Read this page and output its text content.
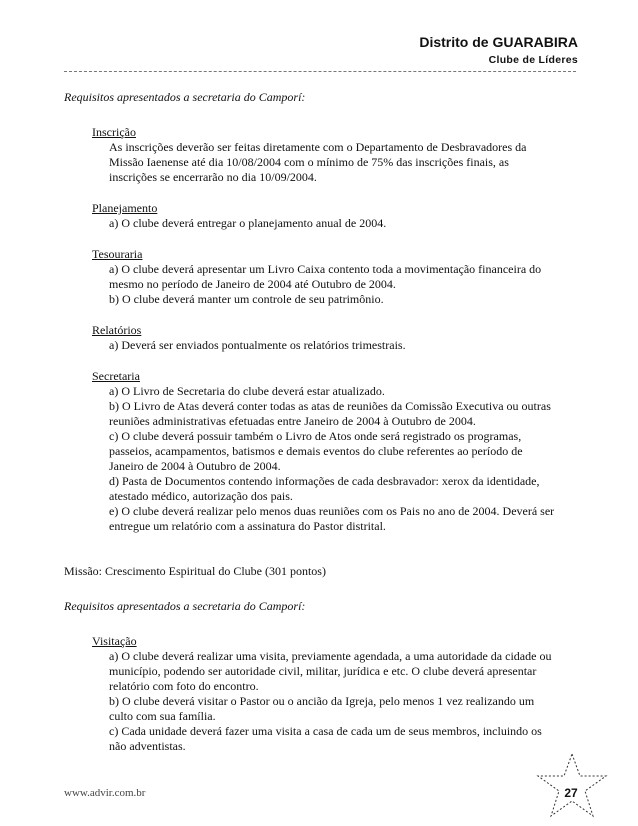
Distrito de GUARABIRA
Clube de Líderes

Requisitos apresentados a secretaria do Camporí:

Inscrição

As inscrições deverão ser feitas diretamente com o Departamento de Desbravadores da

Missão Iaenense até dia 10/08/2004 com o mínimo de 75% das inscrições finais, as

inscrições se encerrarão no dia 10/09/2004.

Planejamento

a) O clube deverá entregar o planejamento anual de 2004.

Tesouraria

a) O clube deverá apresentar um Livro Caixa contento toda a movimentação financeira do

mesmo no período de Janeiro de 2004 até Outubro de 2004.

b) O clube deverá manter um controle de seu patrimônio.

Relatórios

a) Deverá ser enviados pontualmente os relatórios trimestrais.

Secretaria

a) O Livro de Secretaria do clube deverá estar atualizado.

b) O Livro de Atas deverá conter todas as atas de reuniões da Comissão Executiva ou outras

reuniões administrativas efetuadas entre Janeiro de 2004 à Outubro de 2004.

c) O clube deverá possuir também o Livro de Atos onde será registrado os programas,

passeios, acampamentos, batismos e demais eventos do clube referentes ao período de

Janeiro de 2004 à Outubro de 2004.

d) Pasta de Documentos contendo informações de cada desbravador: xerox da identidade,

atestado médico, autorização dos pais.

e) O clube deverá realizar pelo menos duas reuniões com os Pais no ano de 2004. Deverá ser

entregue um relatório com a assinatura do Pastor distrital.

Missão: Crescimento Espiritual do Clube (301 pontos)

Requisitos apresentados a secretaria do Camporí:

Visitação

a) O clube deverá realizar uma visita, previamente agendada, a uma autoridade da cidade ou

município, podendo ser autoridade civil, militar, jurídica e etc. O clube deverá apresentar

relatório com foto do encontro.

b) O clube deverá visitar o Pastor ou o ancião da Igreja, pelo menos 1 vez realizando um

culto com sua família.

c) Cada unidade deverá fazer uma visita a casa de cada um de seus membros, incluindo os

não adventistas.

www.advir.com.br	27
